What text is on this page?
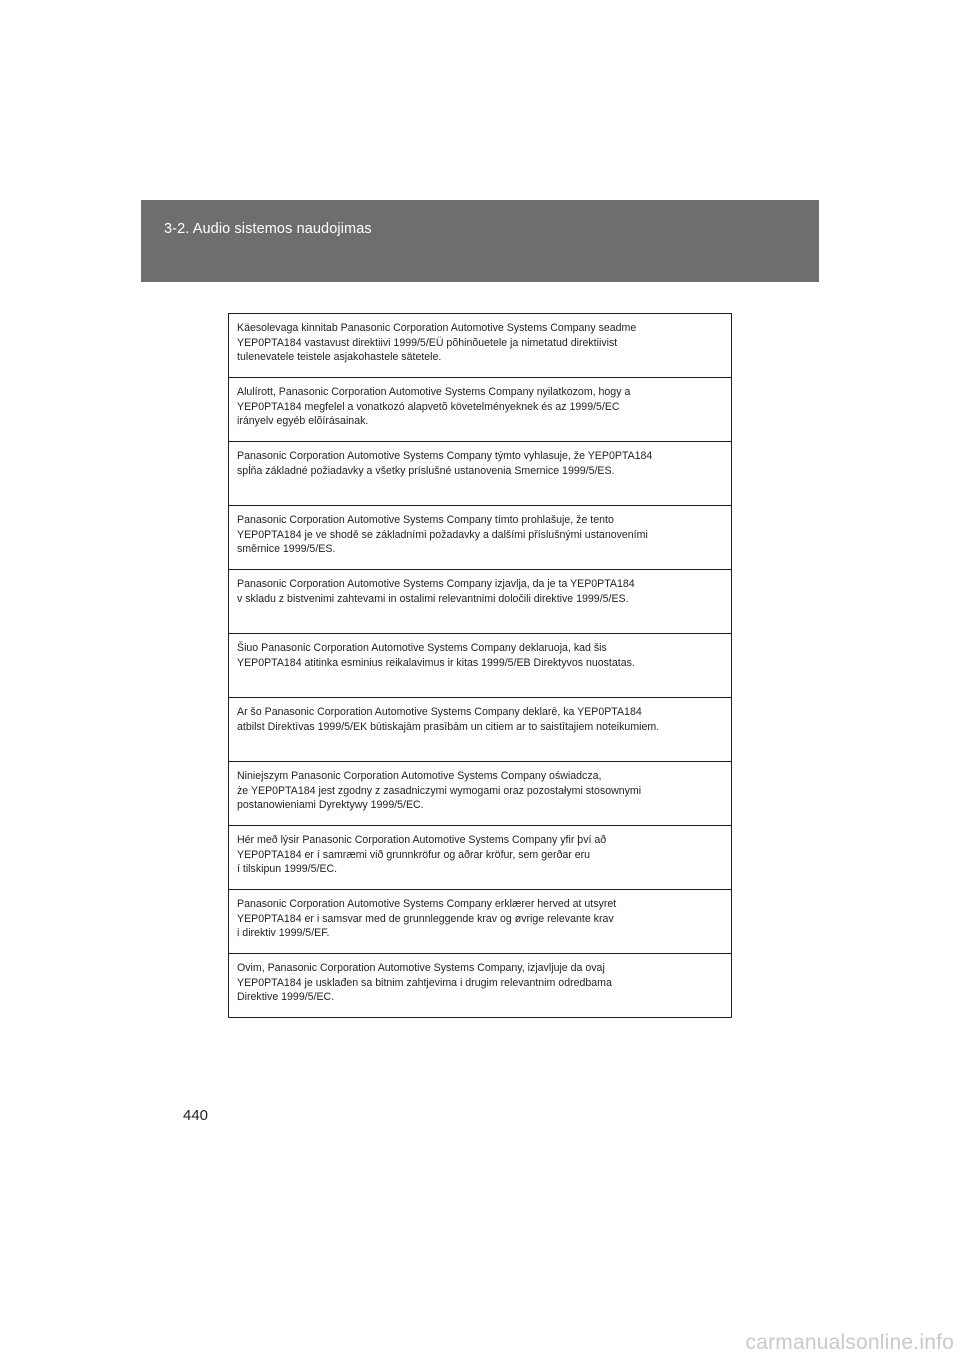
3-2. Audio sistemos naudojimas
Käesolevaga kinnitab Panasonic Corporation Automotive Systems Company seadme
YEP0PTA184 vastavust direktiivi 1999/5/EÜ põhinõuetele ja nimetatud direktiivist
tulenevatele teistele asjakohastele sätetele.
Alulírott, Panasonic Corporation Automotive Systems Company nyilatkozom, hogy a
YEP0PTA184 megfelel a vonatkozó alapvetõ követelményeknek és az 1999/5/EC
irányelv egyéb elõírásainak.
Panasonic Corporation Automotive Systems Company týmto vyhlasuje, že YEP0PTA184
spĺňa základné požiadavky a všetky príslušné ustanovenia Smernice 1999/5/ES.
Panasonic Corporation Automotive Systems Company tímto prohlašuje, že tento
YEP0PTA184 je ve shodě se základními požadavky a dalšími příslušnými ustanoveními
směrnice 1999/5/ES.
Panasonic Corporation Automotive Systems Company izjavlja, da je ta YEP0PTA184
v skladu z bistvenimi zahtevami in ostalimi relevantnimi določili direktive 1999/5/ES.
Šiuo Panasonic Corporation Automotive Systems Company deklaruoja, kad šis
YEP0PTA184 atitinka esminius reikalavimus ir kitas 1999/5/EB Direktyvos nuostatas.
Ar šo Panasonic Corporation Automotive Systems Company deklarē, ka YEP0PTA184
atbilst Direktīvas 1999/5/EK būtiskajām prasībām un citiem ar to saistītajiem noteikumiem.
Niniejszym Panasonic Corporation Automotive Systems Company oświadcza,
że YEP0PTA184 jest zgodny z zasadniczymi wymogami oraz pozostałymi stosownymi
postanowieniami Dyrektywy 1999/5/EC.
Hér með lýsir Panasonic Corporation Automotive Systems Company yfir því að
YEP0PTA184 er í samræmi við grunnkröfur og aðrar kröfur, sem gerðar eru
í tilskipun 1999/5/EC.
Panasonic Corporation Automotive Systems Company erklærer herved at utsyret
YEP0PTA184 er i samsvar med de grunnleggende krav og øvrige relevante krav
i direktiv 1999/5/EF.
Ovim, Panasonic Corporation Automotive Systems Company, izjavljuje da ovaj
YEP0PTA184 je usklađen sa bitnim zahtjevima i drugim relevantnim odredbama
Direktive 1999/5/EC.
440
carmanualsonline.info
